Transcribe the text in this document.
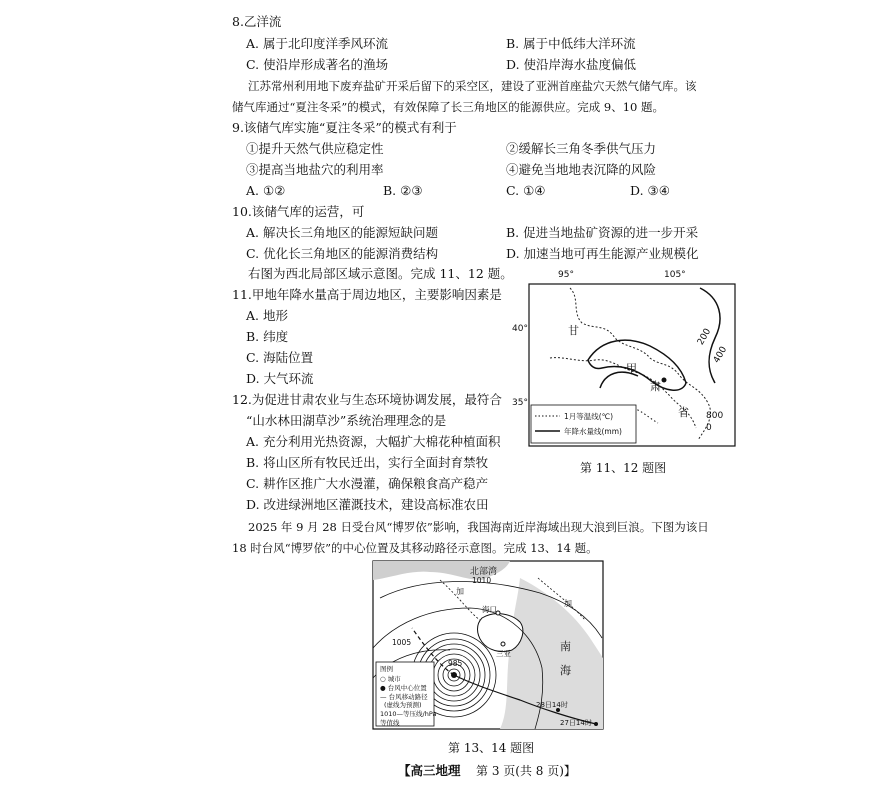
8.乙洋流
A. 属于北印度洋季风环流	B. 属于中低纬大洋环流
C. 使沿岸形成著名的渔场	D. 使沿岸海水盐度偏低
江苏常州利用地下废弃盐矿开采后留下的采空区，建设了亚洲首座盐穴天然气储气库。该
储气库通过“夏注冬采”的模式，有效保障了长三角地区的能源供应。完成 9、10 题。
9.该储气库实施“夏注冬采”的模式有利于
①提升天然气供应稳定性	②缓解长三角冬季供气压力
③提高当地盐穴的利用率	④避免当地地表沉降的风险
A. ①②	B. ②③	C. ①④	D. ③④
10.该储气库的运营，可
A. 解决长三角地区的能源短缺问题	B. 促进当地盐矿资源的进一步开采
C. 优化长三角地区的能源消费结构	D. 加速当地可再生能源产业规模化
右图为西北局部区域示意图。完成 11、12 题。
11.甲地年降水量高于周边地区，主要影响因素是
A. 地形
B. 纬度
C. 海陆位置
D. 大气环流
12.为促进甘肃农业与生态环境协调发展，最符合
“山水林田湖草沙”系统治理理念的是
A. 充分利用光热资源，大幅扩大棉花种植面积
B. 将山区所有牧民迁出，实行全面封育禁牧
C. 耕作区推广大水漫灌，确保粮食高产稳产
D. 改进绿洲地区灌溉技术，建设高标准农田
95°	105°
40°
35°
甘
甲
肃
省
200
400
800
0
1月等温线(℃)
年降水量线(mm)
第 11、12 题图
2025 年 9 月 28 日受台风“博罗依”影响，我国海南近岸海域出现大浪到巨浪。下图为该日
18 时台风“博罗依”的中心位置及其移动路径示意图。完成 13、14 题。
北部湾
1010
1005
海口
三亚
985
南
海
加
加
28日14时
27日14时
图例
○ 城市
● 台风中心位置
— 台风移动路径
(虚线为预测)
1010—等压线/hPa
等值线
第 13、14 题图
【高三地理 第 3 页(共 8 页)】
